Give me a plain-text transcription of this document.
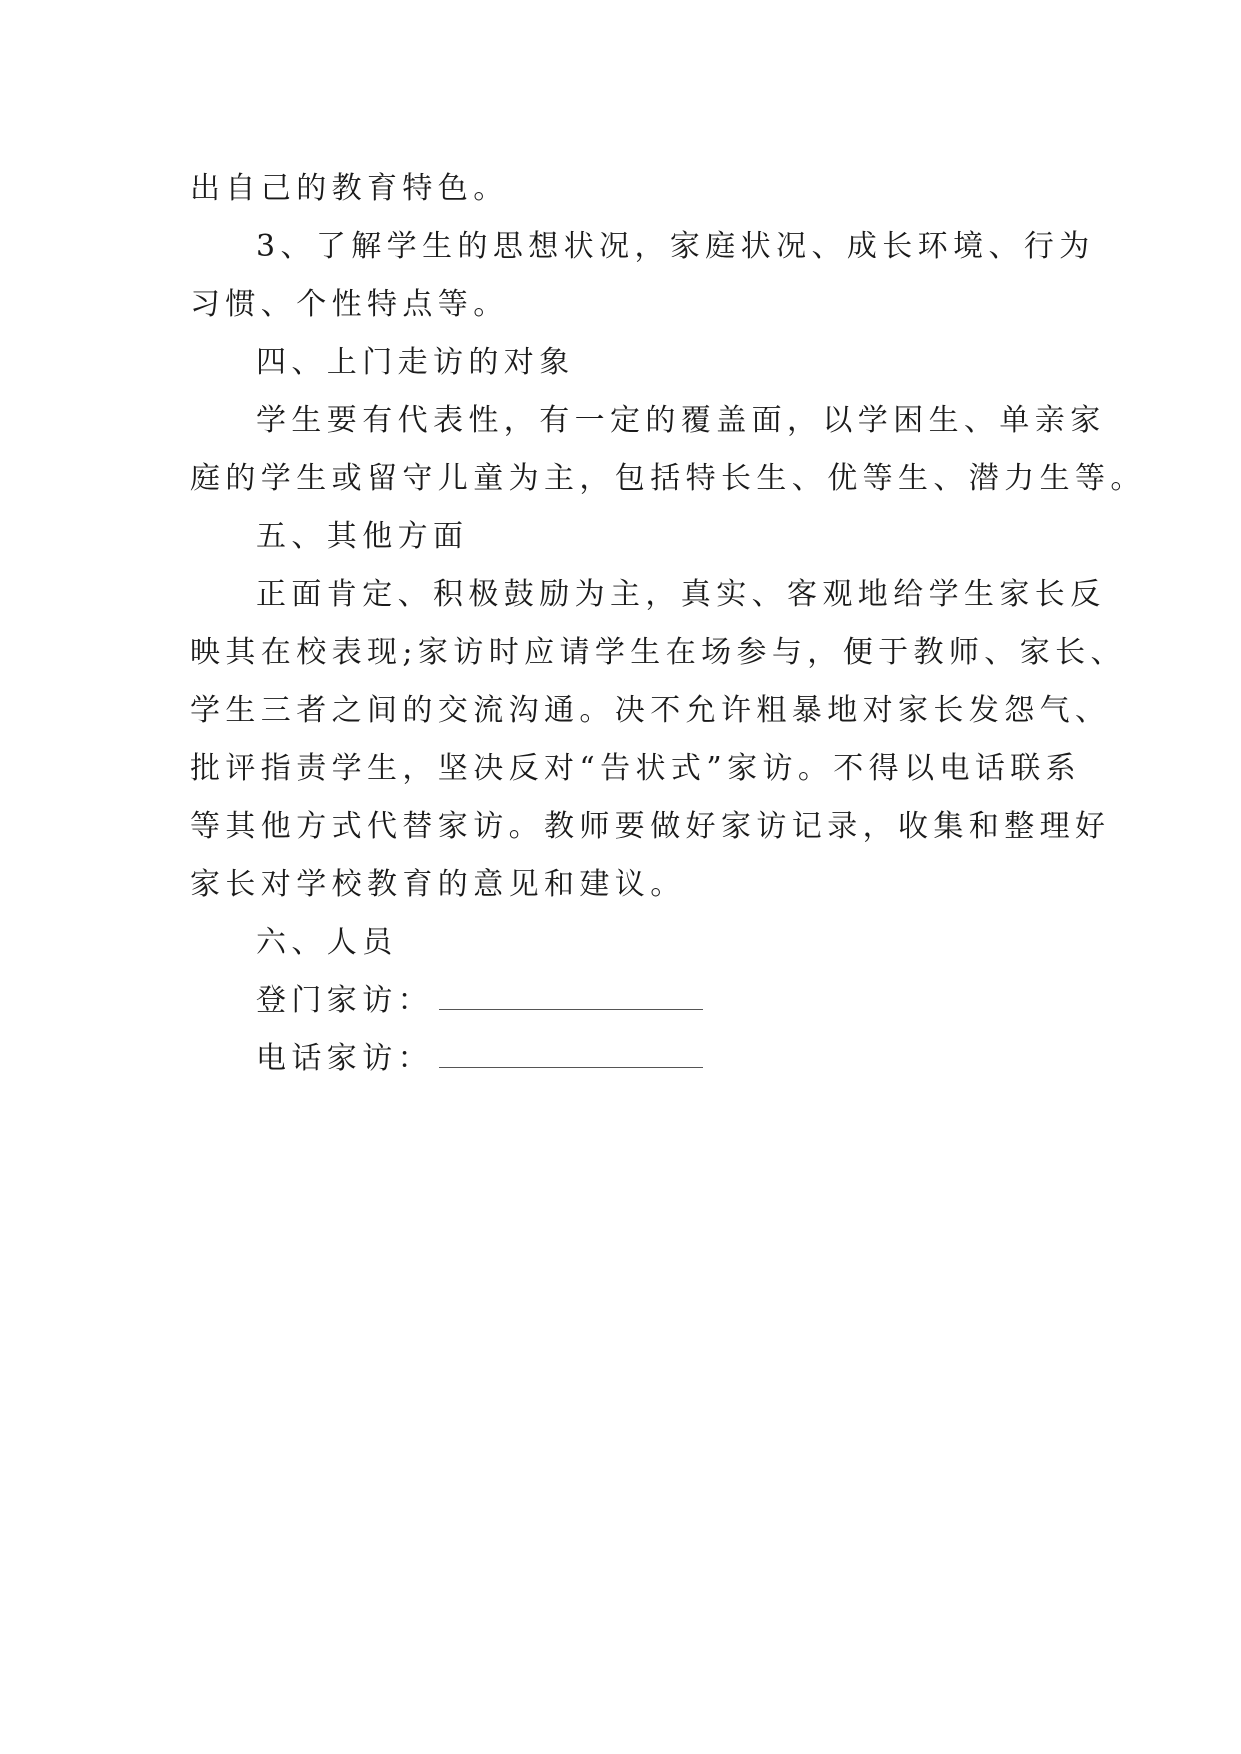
出自己的教育特色。
3、了解学生的思想状况，家庭状况、成长环境、行为
习惯、个性特点等。
四、上门走访的对象
学生要有代表性，有一定的覆盖面，以学困生、单亲家
庭的学生或留守儿童为主，包括特长生、优等生、潜力生等。
五、其他方面
正面肯定、积极鼓励为主，真实、客观地给学生家长反
映其在校表现;家访时应请学生在场参与，便于教师、家长、
学生三者之间的交流沟通。决不允许粗暴地对家长发怨气、
批评指责学生，坚决反对“告状式”家访。不得以电话联系
等其他方式代替家访。教师要做好家访记录，收集和整理好
家长对学校教育的意见和建议。
六、人员
登门家访：
电话家访：
